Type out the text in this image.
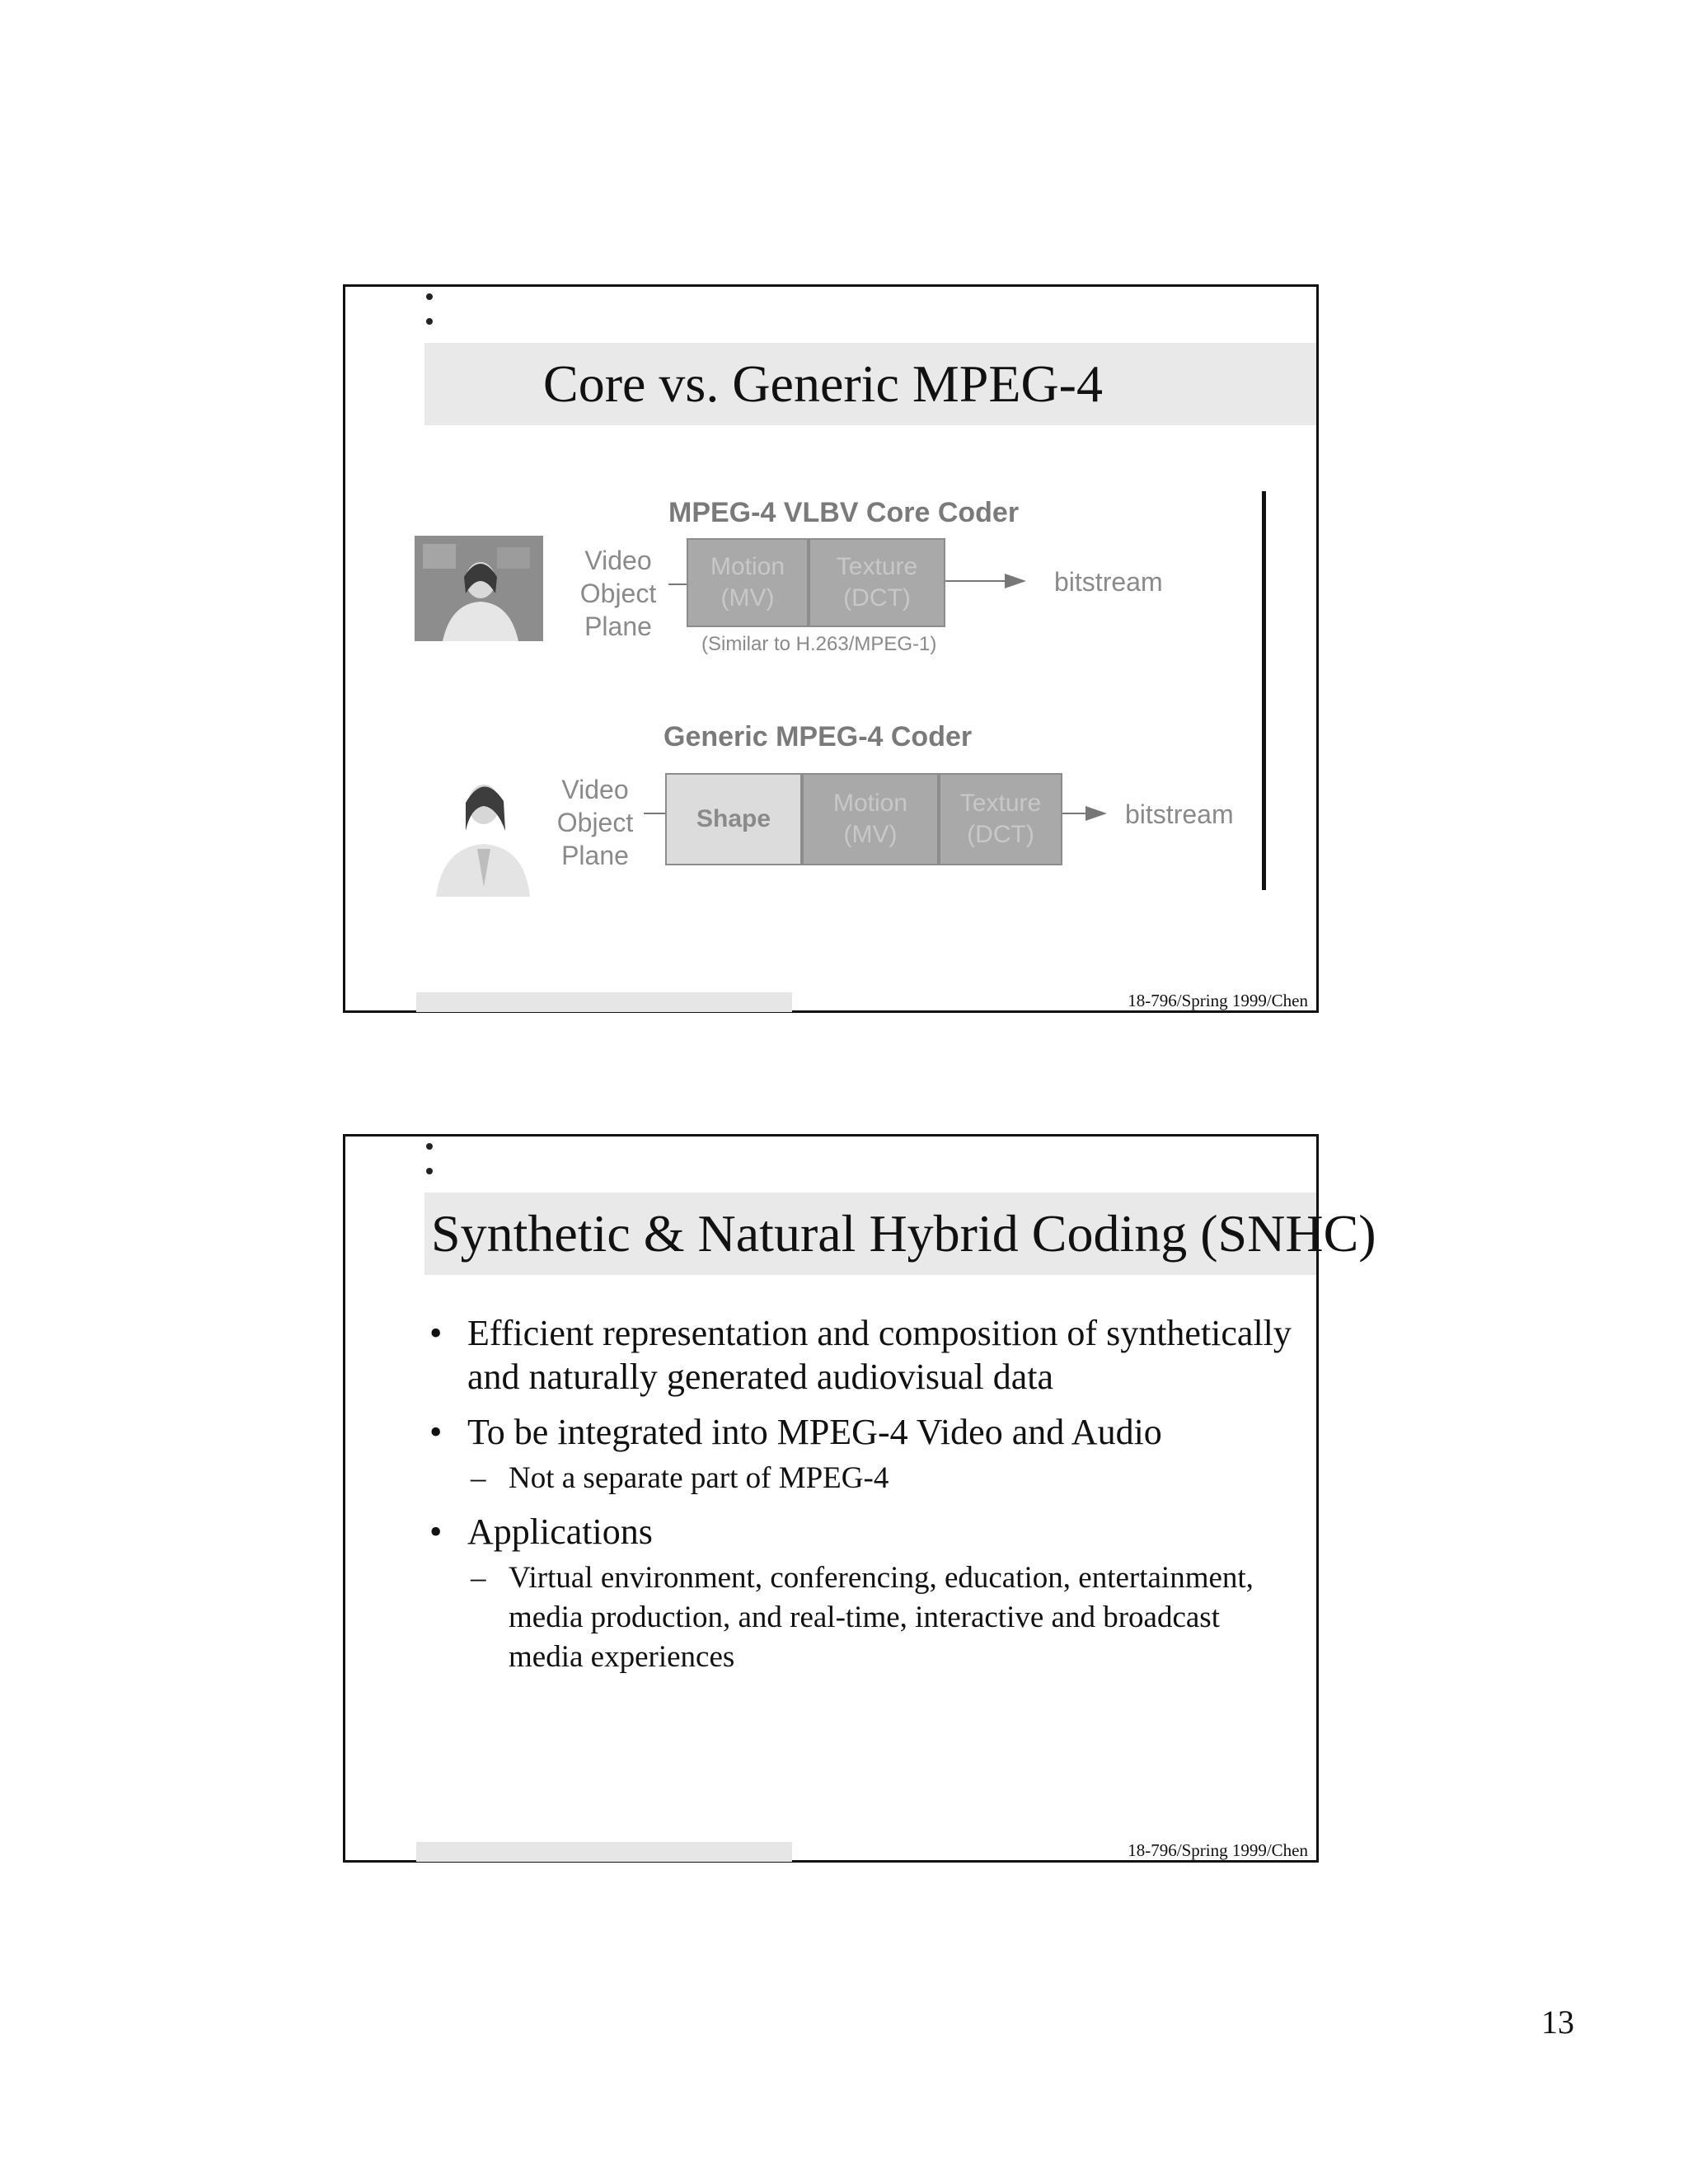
Core vs. Generic MPEG-4
MPEG-4 VLBV Core Coder
Video
Object
Plane
Motion
(MV)
Texture
(DCT)
bitstream
(Similar to H.263/MPEG-1)
Generic MPEG-4 Coder
Video
Object
Plane
Shape
Motion
(MV)
Texture
(DCT)
bitstream
18-796/Spring 1999/Chen
Synthetic & Natural Hybrid Coding (SNHC)
• Efficient representation and composition of synthetically and naturally generated audiovisual data
• To be integrated into MPEG-4 Video and Audio
– Not a separate part of MPEG-4
• Applications
– Virtual environment, conferencing, education, entertainment, media production, and real-time, interactive and broadcast media experiences
18-796/Spring 1999/Chen
13
